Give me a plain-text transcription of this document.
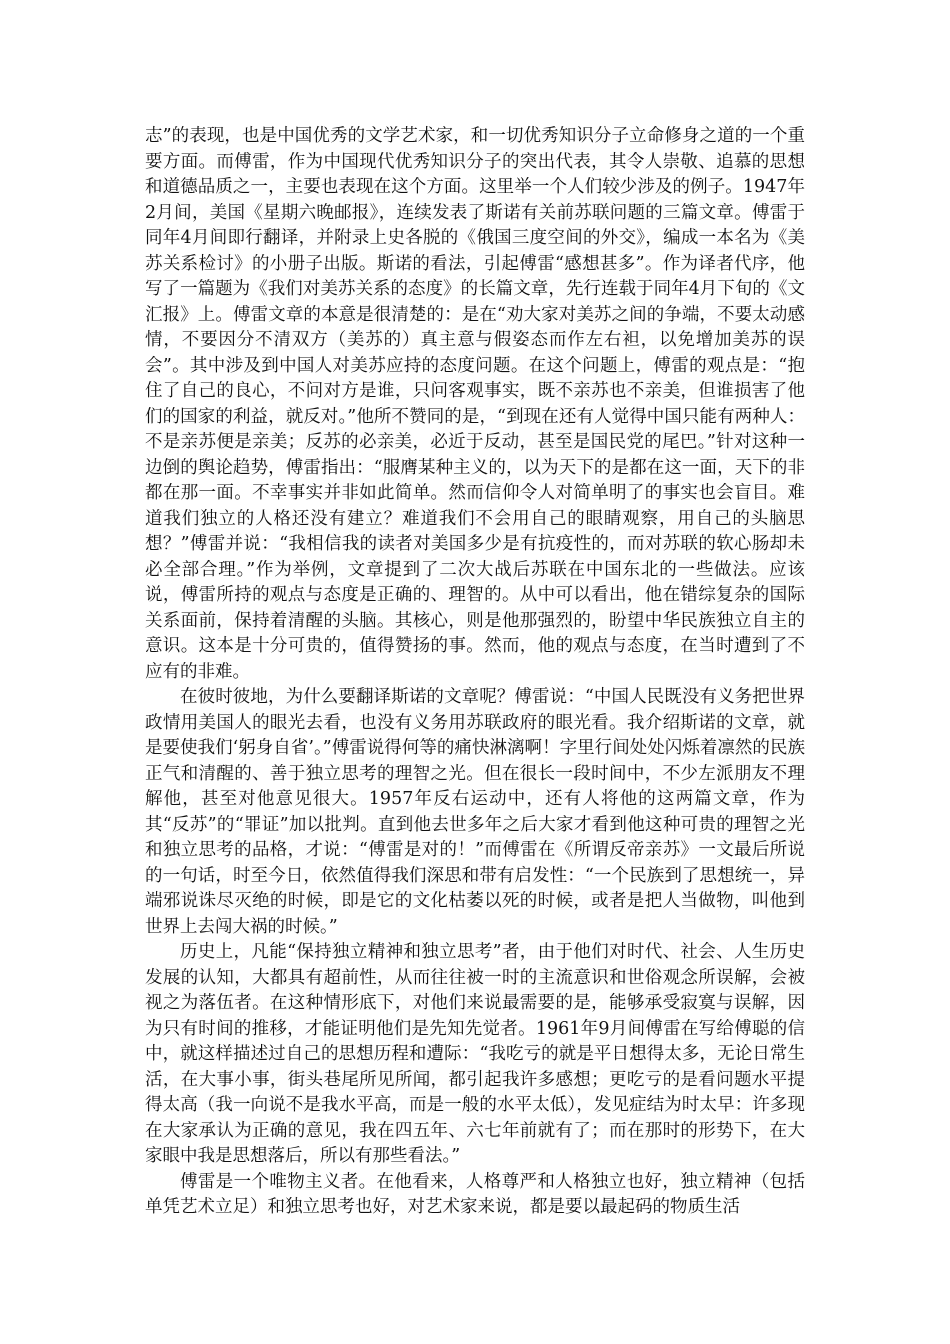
志”的表现，也是中国优秀的文学艺术家，和一切优秀知识分子立命修身之道的一个重要方面。而傅雷，作为中国现代优秀知识分子的突出代表，其令人崇敬、追慕的思想和道德品质之一，主要也表现在这个方面。这里举一个人们较少涉及的例子。1947年2月间，美国《星期六晚邮报》，连续发表了斯诺有关前苏联问题的三篇文章。傅雷于同年4月间即行翻译，并附录上史各脱的《俄国三度空间的外交》，编成一本名为《美苏关系检讨》的小册子出版。斯诺的看法，引起傅雷“感想甚多”。作为译者代序，他写了一篇题为《我们对美苏关系的态度》的长篇文章，先行连载于同年4月下旬的《文汇报》上。傅雷文章的本意是很清楚的：是在“劝大家对美苏之间的争端，不要太动感情，不要因分不清双方（美苏的）真主意与假姿态而作左右袒，以免增加美苏的误会”。其中涉及到中国人对美苏应持的态度问题。在这个问题上，傅雷的观点是：“抱住了自己的良心，不问对方是谁，只问客观事实，既不亲苏也不亲美，但谁损害了他们的国家的利益，就反对。”他所不赞同的是，“到现在还有人觉得中国只能有两种人：不是亲苏便是亲美；反苏的必亲美，必近于反动，甚至是国民党的尾巴。”针对这种一边倒的舆论趋势，傅雷指出：“服膺某种主义的，以为天下的是都在这一面，天下的非都在那一面。不幸事实并非如此简单。然而信仰令人对简单明了的事实也会盲目。难道我们独立的人格还没有建立？难道我们不会用自己的眼睛观察，用自己的头脑思想？”傅雷并说：“我相信我的读者对美国多少是有抗疫性的，而对苏联的软心肠却未必全部合理。”作为举例，文章提到了二次大战后苏联在中国东北的一些做法。应该说，傅雷所持的观点与态度是正确的、理智的。从中可以看出，他在错综复杂的国际关系面前，保持着清醒的头脑。其核心，则是他那强烈的，盼望中华民族独立自主的意识。这本是十分可贵的，值得赞扬的事。然而，他的观点与态度，在当时遭到了不应有的非难。

在彼时彼地，为什么要翻译斯诺的文章呢？傅雷说：“中国人民既没有义务把世界政情用美国人的眼光去看，也没有义务用苏联政府的眼光看。我介绍斯诺的文章，就是要使我们‘躬身自省’。”傅雷说得何等的痛快淋漓啊！字里行间处处闪烁着凛然的民族正气和清醒的、善于独立思考的理智之光。但在很长一段时间中，不少左派朋友不理解他，甚至对他意见很大。1957年反右运动中，还有人将他的这两篇文章，作为其“反苏”的“罪证”加以批判。直到他去世多年之后大家才看到他这种可贵的理智之光和独立思考的品格，才说：“傅雷是对的！”而傅雷在《所谓反帝亲苏》一文最后所说的一句话，时至今日，依然值得我们深思和带有启发性：“一个民族到了思想统一，异端邪说诛尽灭绝的时候，即是它的文化枯萎以死的时候，或者是把人当做物，叫他到世界上去闯大祸的时候。”

历史上，凡能“保持独立精神和独立思考”者，由于他们对时代、社会、人生历史发展的认知，大都具有超前性，从而往往被一时的主流意识和世俗观念所误解，会被视之为落伍者。在这种情形底下，对他们来说最需要的是，能够承受寂寞与误解，因为只有时间的推移，才能证明他们是先知先觉者。1961年9月间傅雷在写给傅聪的信中，就这样描述过自己的思想历程和遭际：“我吃亏的就是平日想得太多，无论日常生活，在大事小事，街头巷尾所见所闻，都引起我许多感想；更吃亏的是看问题水平提得太高（我一向说不是我水平高，而是一般的水平太低），发见症结为时太早：许多现在大家承认为正确的意见，我在四五年、六七年前就有了；而在那时的形势下，在大家眼中我是思想落后，所以有那些看法。”

傅雷是一个唯物主义者。在他看来，人格尊严和人格独立也好，独立精神（包括单凭艺术立足）和独立思考也好，对艺术家来说，都是要以最起码的物质生活
